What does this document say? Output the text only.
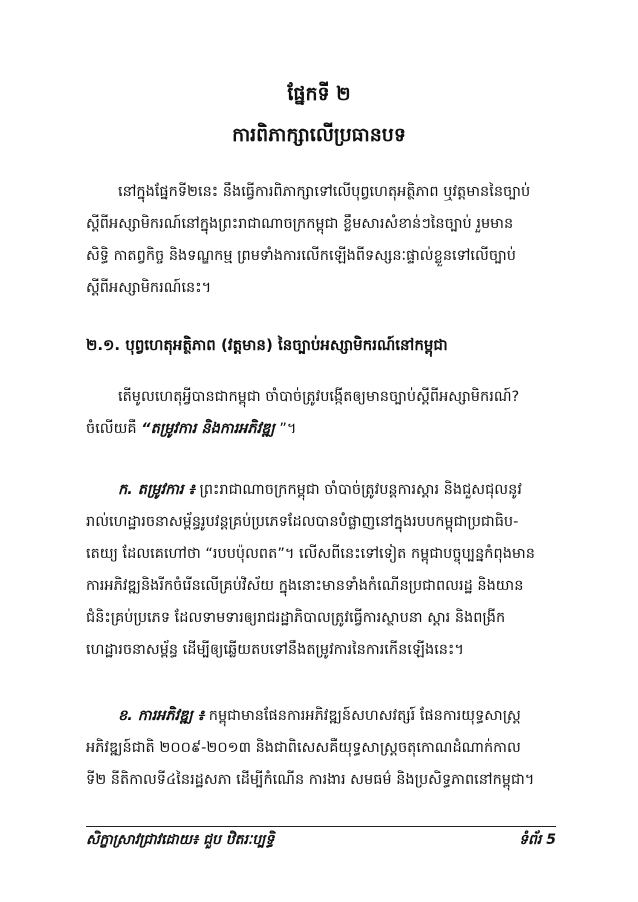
ផ្នែកទី ២
ការពិភាក្សាលើប្រធានបទ
នៅក្នុងផ្នែកទី២នេះ នឹងធ្វើការពិភាក្សាទៅលើបុព្វហេតុអត្ថិភាព ឬវត្តមាននៃច្បាប់
ស្តីពីអស្សាមិករណ៍នៅក្នុងព្រះរាជាណាចក្រកម្ពុជា ខ្លឹមសារសំខាន់ៗនៃច្បាប់ រួមមាន
សិទ្ធិ កាតព្វកិច្ច និងទណ្ឌកម្ម ព្រមទាំងការលើកឡើងពីទស្សនៈផ្ទាល់ខ្លួនទៅលើច្បាប់
ស្តីពីអស្សាមិករណ៍នេះ។
២.១. បុព្វហេតុអត្ថិភាព (វត្តមាន) នៃច្បាប់អស្សាមិករណ៍នៅកម្ពុជា
តើមូលហេតុអ្វីបានជាកម្ពុជា ចាំបាច់ត្រូវបង្កើតឲ្យមានច្បាប់ស្តីពីអស្សាមិករណ៍?
ចំលើយគឺ “តម្រូវការ និងការអភិវឌ្ឍ ”។
ក. តម្រូវការ ៖ ព្រះរាជាណាចក្រកម្ពុជា ចាំបាច់ត្រូវបន្តការស្តារ និងជួសជុលនូវ
រាល់ហេដ្ឋារចនាសម្ព័ន្ធរូបវន្តគ្រប់ប្រភេទដែលបានបំផ្លាញនៅក្នុងរបបកម្ពុជាប្រជាធិប-
តេយ្យ ដែលគេហៅថា “របបប៉ុលពត”។ លើសពីនេះទៅទៀត កម្ពុជាបច្ចុប្បន្នកំពុងមាន
ការអភិវឌ្ឍនិងរីកចំរើនលើគ្រប់វិស័យ ក្នុងនោះមានទាំងកំណើនប្រជាពលរដ្ឋ និងយាន
ជំនិះគ្រប់ប្រភេទ ដែលទាមទារឲ្យរាជរដ្ឋាភិបាលត្រូវធ្វើការស្ថាបនា ស្តារ និងពង្រីក
ហេដ្ឋារចនាសម្ព័ន្ធ ដើម្បីឲ្យឆ្លើយតបទៅនឹងតម្រូវការនៃការកើនឡើងនេះ។
ខ. ការអភិវឌ្ឍ ៖ កម្ពុជាមានផែនការអភិវឌ្ឍន៍សហសវត្សរ៍ ផែនការយុទ្ធសាស្រ្ត
អភិវឌ្ឍន៍ជាតិ ២០០៩-២០១៣ និងជាពិសេសគឺយុទ្ធសាស្រ្តចតុកោណដំណាក់កាល
ទី២ នីតិកាលទី៤នៃរដ្ឋសភា ដើម្បីកំណើន ការងារ សមធម៌ និងប្រសិទ្ធភាពនៅកម្ពុជា។
សិក្ខាស្រាវជ្រាវដោយ៖ ជួប ឋិតរៈប្បទ្ធិ	ទំព័រ 5
